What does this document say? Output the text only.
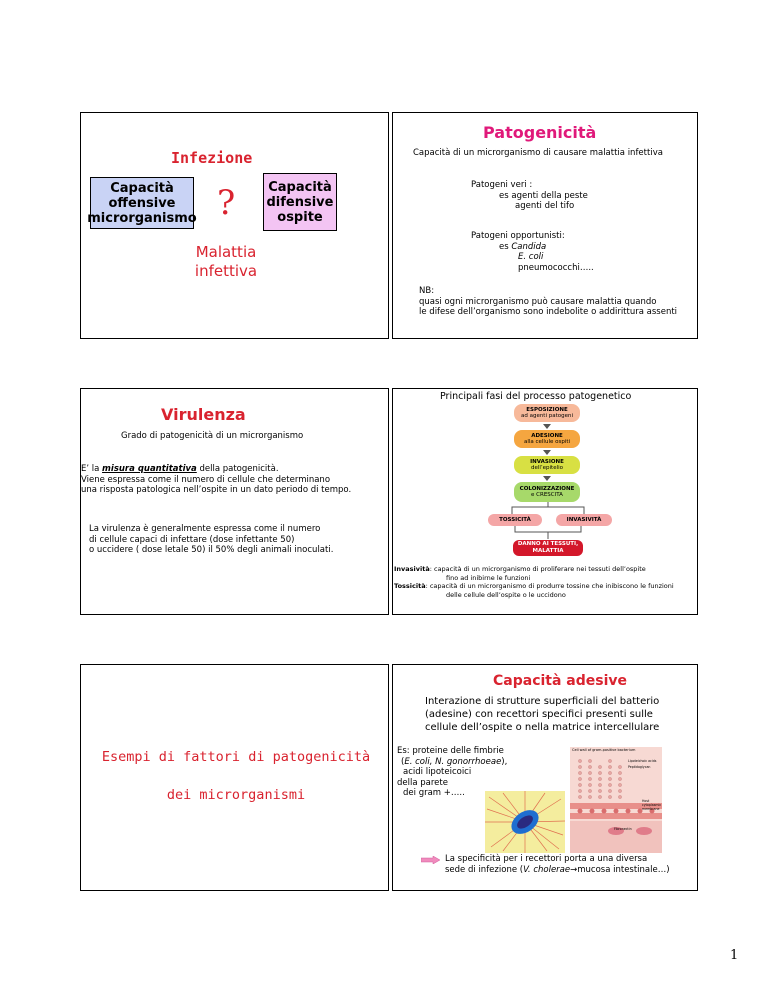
Infezione
Capacità
offensive
microrganismo ?	Capacità
difensive
ospite
Malattia
infettiva
Patogenicità
Capacità di un microrganismo di causare malattia infettiva
Patogeni veri :
es agenti della peste
agenti del tifo
Patogeni opportunisti:
es Candida
E. coli
pneumococchi…..
NB:
quasi ogni microrganismo può causare malattia quando
le difese dell’organismo sono indebolite o addirittura assenti
Virulenza
Grado di patogenicità di un microrganismo
E’ la misura quantitativa della patogenicità.
Viene espressa come il numero di cellule che determinano
una risposta patologica nell’ospite in un dato periodo di tempo.
La virulenza è generalmente espressa come il numero
di cellule capaci di infettare (dose infettante 50)
o uccidere ( dose letale 50) il 50% degli animali inoculati.
Principali fasi del processo patogenetico
ESPOSIZIONE
ad agenti patogeni
ADESIONE
alla cellule ospiti
INVASIONE
dell’epitelio
COLONIZZAZIONE
e CRESCITA
TOSSICITÀ	INVASIVITÀ
DANNO AI TESSUTI,
MALATTIA
Invasività: capacità di un microrganismo di proliferare nei tessuti dell’ospite
fino ad inibirne le funzioni
Tossicità: capacità di un microrganismo di produrre tossine che inibiscono le funzioni
delle cellule dell’ospite o le uccidono
Esempi di fattori di patogenicità
dei microrganismi
Capacità adesive
Interazione di strutture superficiali del batterio
(adesine) con recettori specifici presenti sulle
cellule dell’ospite o nella matrice intercellulare
Es: proteine delle fimbrie
(E. coli, N. gonorrhoeae),
acidi lipoteicoici
della parete
dei gram +…..
Cell wall of gram-positive bacterium
Lipoteichoic acids
Peptidoglycan
Host cytoplasmic membrane
Fibronectin
La specificità per i recettori porta a una diversa
sede di infezione (V. cholerae→mucosa intestinale…)
1
